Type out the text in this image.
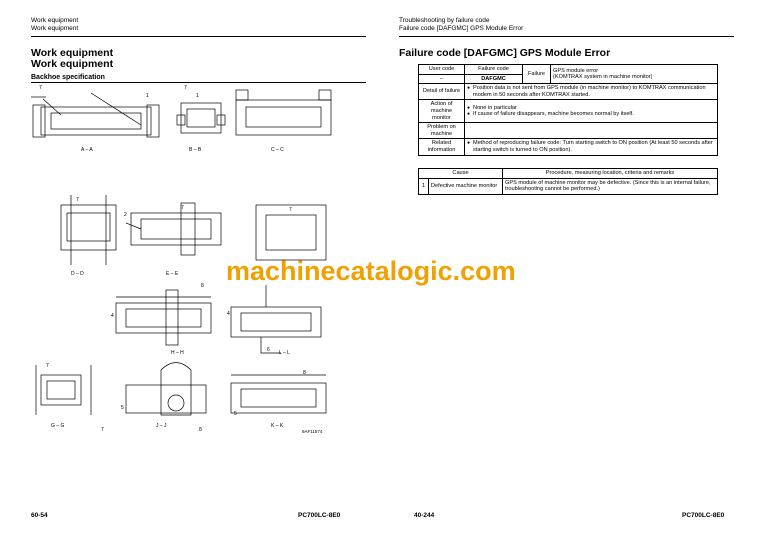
Work equipment
Work equipment
Work equipment
Work equipment
Backhoe specification
A – A	B – B	C – C
D – D	E – E
H – H	L – L
G – G	J – J	K – K
7
1
7
1
7
2
7
7
8
4
6
4
7
8
5
5
7	8	9AF11574
60-54	PC700LC-8E0
Troubleshooting by failure code
Failure code [DAFGMC] GPS Module Error
Failure code [DAFGMC] GPS Module Error
User code	Failure code	Failure	GPS module error
(KOMTRAX system in machine monitor)
–	DAFGMC		
Detail of failure	● Position data is not sent from GPS module (in machine monitor) to KOMTRAX communication modem in 50 seconds after KOMTRAX started.		

Action of machine monitor	● None in particular
● If cause of failure disappears, machine becomes normal by itself.		

Problem on machine			
Related information	● Method of reproducing failure code: Turn starting switch to ON position (At least 50 seconds after starting switch is turned to ON position).		
Cause		Procedure, measuring location, criteria and remarks
1	Defective machine monitor	GPS module of machine monitor may be defective. (Since this is an internal failure, troubleshooting cannot be performed.)
40-244	PC700LC-8E0
machinecatalogic.com
